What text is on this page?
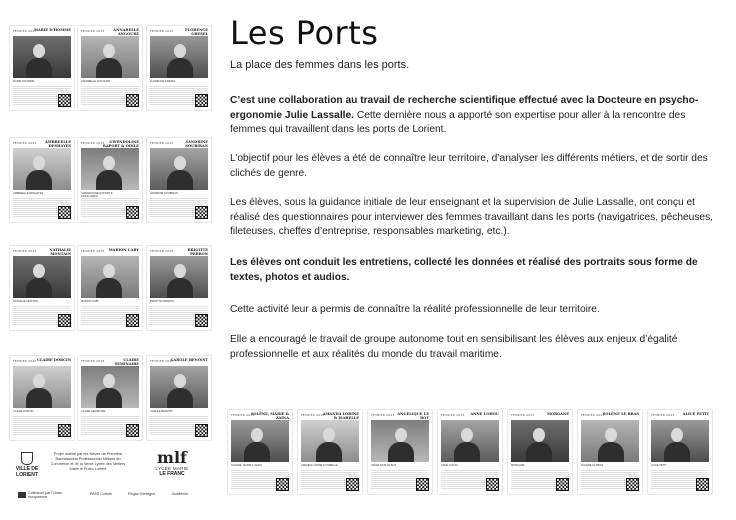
FÉVRIER 2025
MARIE D’HOMME
MARIE D’HOMME
FÉVRIER 2025	ANNABELLE ANGOURE
ANNABELLE ANGOURE
FÉVRIER 2025	FLORENCE GRESEL
FLORENCE GRESEL
FÉVRIER 2025	AMBREELLE DESHAYES
AMBREELLE DESHAYES
FÉVRIER 2025	GWENDOLINE RAPORT & ODILE
GWENDOLINE RAPORT & ODILE MARIA
FÉVRIER 2025	SANDRINE SOUBIRAN
SANDRINE SOUBIRAN
FÉVRIER 2025	NATHALIE MONTAIN
NATHALIE MONTAIN
FÉVRIER 2025	MARION CABY
MARION CABY
FÉVRIER 2025	BRIGITTE PERRON
BRIGITTE PERRON
FÉVRIER 2025 CLAIRE DORCIN
CLAIRE DORCIN
FÉVRIER 2025	CLAIRE SEMINAIRE
CLAIRE SEMINAIRE
FÉVRIER 2025
CAROLE BENOIST
CAROLE BENOIST
FÉVRIER 2025
SOLÈNE, MARIE & ZAINA
SOLÈNE, MARIE & ZAINA
FÉVRIER 2025
AMANDA LORINE & ISABELLE
AMANDA LORINE & ISABELLE
FÉVRIER 2025 ANGÉLIQUE LE BOT
ANGÉLIQUE LE BOT
FÉVRIER 2025	ANNE LOHOU
ANNE LOHOU
FÉVRIER 2025	MORGANE
MORGANE
FÉVRIER 2025
SOLÈNE LE BRAS
SOLÈNE LE BRAS
FÉVRIER 2025	ALICE PETIT
ALICE PETIT
Les Ports

La place des femmes dans les ports.

C’est une collaboration au travail de recherche scientifique effectué avec la Docteure en psycho-ergonomie Julie Lassalle. Cette dernière nous a apporté son expertise pour aller à la rencontre des femmes qui travaillent dans les ports de Lorient.

L’objectif pour les élèves a été de connaître leur territoire, d’analyser les différents métiers, et de sortir des clichés de genre.

Les élèves, sous la guidance initiale de leur enseignant et la supervision de Julie Lassalle, ont conçu et réalisé des questionnaires pour interviewer des femmes travaillant dans les ports (navigatrices, pêcheuses, fileteuses, cheffes d’entreprise, responsables marketing, etc.).

Les élèves ont conduit les entretiens, collecté les données et réalisé des portraits sous forme de textes, photos et audios.

Cette activité leur a permis de connaître la réalité professionnelle de leur territoire.

Elle a encouragé le travail de groupe autonome tout en sensibilisant les élèves aux enjeux d’égalité professionnelle et aux réalités du monde du travail maritime.

VILLE DE
LORIENT
Projet réalisé par les élèves de Première Baccalauréat Professionnel Métiers du Commerce et de la Vente Lycée des Métiers Marie le Franc Lorient
mlf
LYCÉE MARIE
LE FRANC
Cofinancé par l’Union européenne
PASS Culture	Région Bretagne	Académie
